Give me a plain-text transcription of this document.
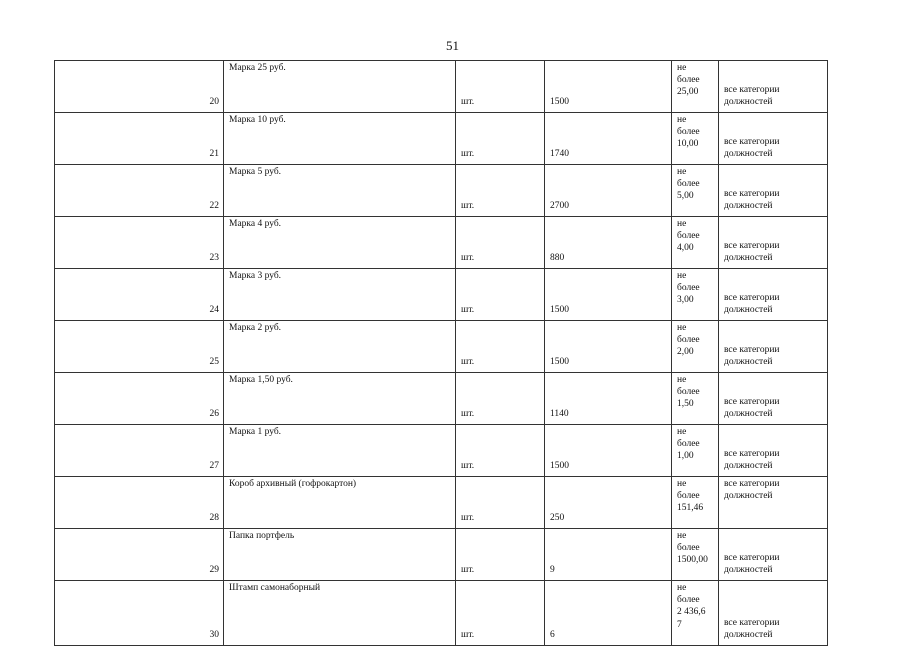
51
20	Марка 25 руб.	шт.	1500	не
более
25,00	все категории
должностей

21	Марка 10 руб.	шт.	1740	не
более
10,00	все категории
должностей

22	Марка 5 руб.	шт.	2700	не
более
5,00	все категории
должностей

23	Марка 4 руб.	шт.	880	не
более
4,00	все категории
должностей

24	Марка 3 руб.	шт.	1500	не
более
3,00	все категории
должностей

25	Марка 2 руб.	шт.	1500	не
более
2,00	все категории
должностей

26	Марка 1,50 руб.	шт.	1140	не
более
1,50	все категории
должностей

27	Марка 1 руб.	шт.	1500	не
более
1,00	все категории
должностей

28	Короб архивный (гофрокартон)	шт.	250	не
более
151,46	все категории
должностей

29	Папка портфель	шт.	9	не
более
1500,00	все категории
должностей

30	Штамп самонаборный	шт.	6	не
более
2 436,6
7	все категории
должностей
